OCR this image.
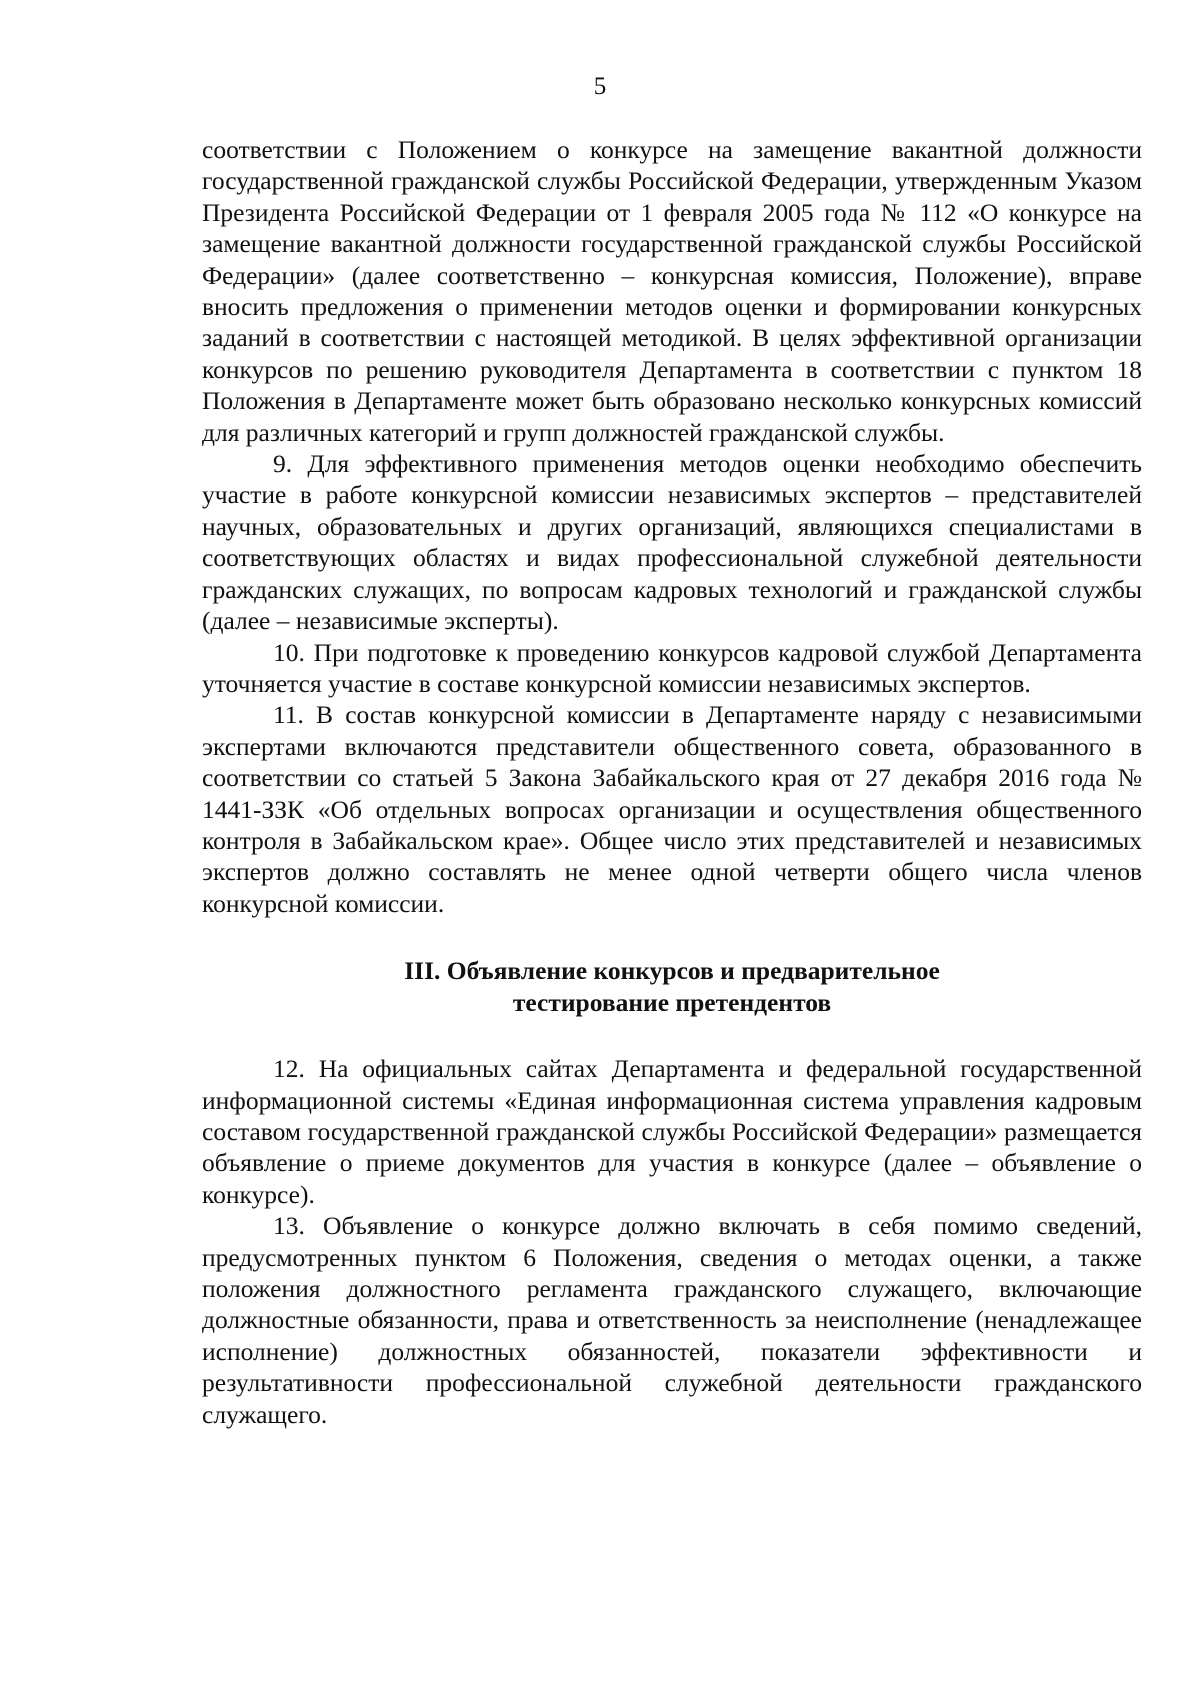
5

соответствии с Положением о конкурсе на замещение вакантной должности государственной гражданской службы Российской Федерации, утвержденным Указом Президента Российской Федерации от 1 февраля 2005 года № 112 «О конкурсе на замещение вакантной должности государственной гражданской службы Российской Федерации» (далее соответственно – конкурсная комиссия, Положение), вправе вносить предложения о применении методов оценки и формировании конкурсных заданий в соответствии с настоящей методикой. В целях эффективной организации конкурсов по решению руководителя Департамента в соответствии с пунктом 18 Положения в Департаменте может быть образовано несколько конкурсных комиссий для различных категорий и групп должностей гражданской службы.

9. Для эффективного применения методов оценки необходимо обеспечить участие в работе конкурсной комиссии независимых экспертов – представителей научных, образовательных и других организаций, являющихся специалистами в соответствующих областях и видах профессиональной служебной деятельности гражданских служащих, по вопросам кадровых технологий и гражданской службы (далее – независимые эксперты).

10. При подготовке к проведению конкурсов кадровой службой Департамента уточняется участие в составе конкурсной комиссии независимых экспертов.

11. В состав конкурсной комиссии в Департаменте наряду с независимыми экспертами включаются представители общественного совета, образованного в соответствии со статьей 5 Закона Забайкальского края от 27 декабря 2016 года № 1441-ЗЗК «Об отдельных вопросах организации и осуществления общественного контроля в Забайкальском крае». Общее число этих представителей и независимых экспертов должно составлять не менее одной четверти общего числа членов конкурсной комиссии.

III. Объявление конкурсов и предварительное
тестирование претендентов

12. На официальных сайтах Департамента и федеральной государственной информационной системы «Единая информационная система управления кадровым составом государственной гражданской службы Российской Федерации» размещается объявление о приеме документов для участия в конкурсе (далее – объявление о конкурсе).

13. Объявление о конкурсе должно включать в себя помимо сведений, предусмотренных пунктом 6 Положения, сведения о методах оценки, а также положения должностного регламента гражданского служащего, включающие должностные обязанности, права и ответственность за неисполнение (ненадлежащее исполнение) должностных обязанностей, показатели эффективности и результативности профессиональной служебной деятельности гражданского служащего.
